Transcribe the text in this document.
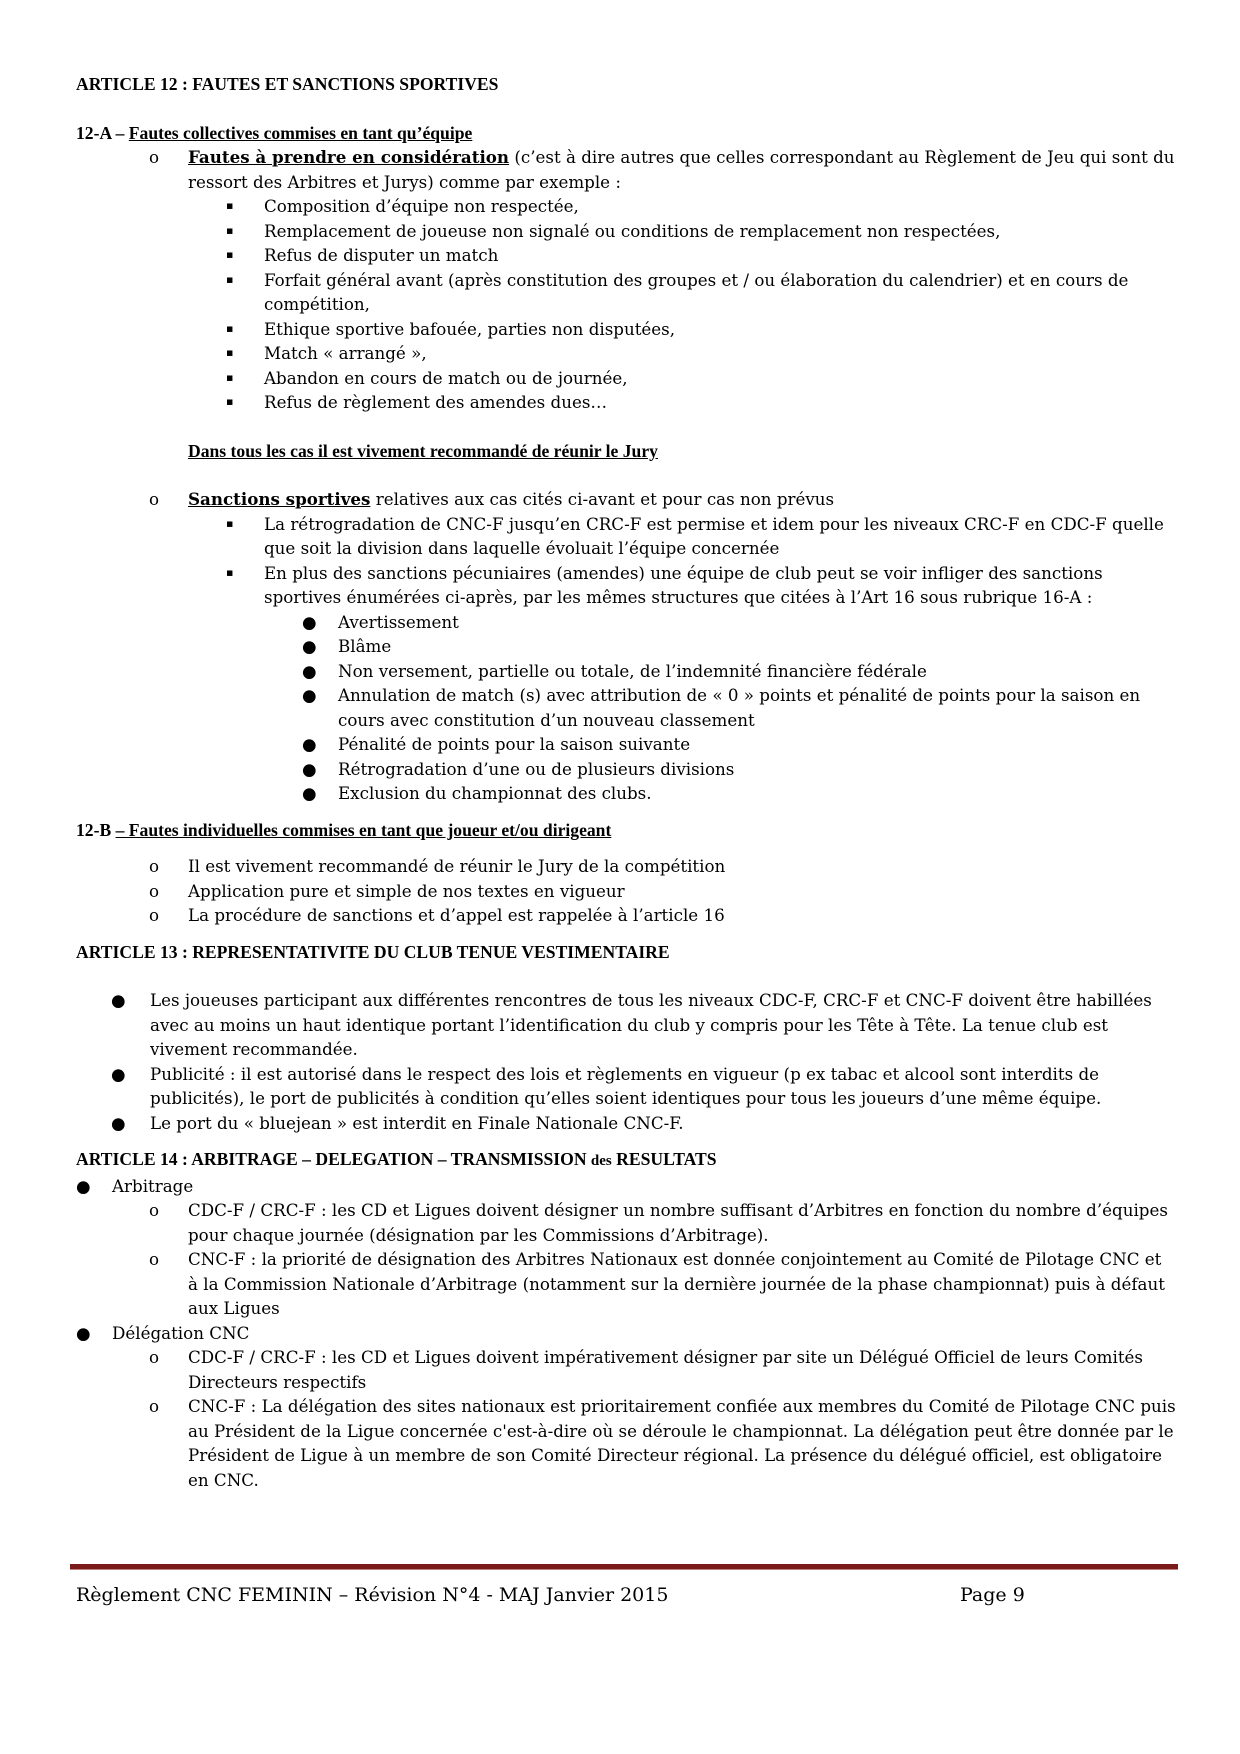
ARTICLE 12 : FAUTES ET SANCTIONS SPORTIVES

12-A – Fautes collectives commises en tant qu’équipe

o Fautes à prendre en considération (c’est à dire autres que celles correspondant au Règlement de Jeu qui sont du ressort des Arbitres et Jurys) comme par exemple :
▪ Composition d’équipe non respectée,
▪ Remplacement de joueuse non signalé ou conditions de remplacement non respectées,
▪ Refus de disputer un match
▪ Forfait général avant (après constitution des groupes et / ou élaboration du calendrier) et en cours de compétition,
▪ Ethique sportive bafouée, parties non disputées,
▪ Match « arrangé »,
▪ Abandon en cours de match ou de journée,
▪ Refus de règlement des amendes dues…

Dans tous les cas il est vivement recommandé de réunir le Jury

o Sanctions sportives relatives aux cas cités ci-avant et pour cas non prévus
▪ La rétrogradation de CNC-F jusqu’en CRC-F est permise et idem pour les niveaux CRC-F en CDC-F quelle que soit la division dans laquelle évoluait l’équipe concernée
▪ En plus des sanctions pécuniaires (amendes) une équipe de club peut se voir infliger des sanctions sportives énumérées ci-après, par les mêmes structures que citées à l’Art 16 sous rubrique 16-A :
● Avertissement
● Blâme
● Non versement, partielle ou totale, de l’indemnité financière fédérale
● Annulation de match (s) avec attribution de « 0 » points et pénalité de points pour la saison en cours avec constitution d’un nouveau classement
● Pénalité de points pour la saison suivante
● Rétrogradation d’une ou de plusieurs divisions
● Exclusion du championnat des clubs.

12-B – Fautes individuelles commises en tant que joueur et/ou dirigeant

o Il est vivement recommandé de réunir le Jury de la compétition
o Application pure et simple de nos textes en vigueur
o La procédure de sanctions et d’appel est rappelée à l’article 16

ARTICLE 13 : REPRESENTATIVITE DU CLUB TENUE VESTIMENTAIRE

● Les joueuses participant aux différentes rencontres de tous les niveaux CDC-F, CRC-F et CNC-F doivent être habillées avec au moins un haut identique portant l’identification du club y compris pour les Tête à Tête. La tenue club est vivement recommandée.
● Publicité : il est autorisé dans le respect des lois et règlements en vigueur (p ex tabac et alcool sont interdits de publicités), le port de publicités à condition qu’elles soient identiques pour tous les joueurs d’une même équipe.
● Le port du « bluejean » est interdit en Finale Nationale CNC-F.

ARTICLE 14 : ARBITRAGE – DELEGATION – TRANSMISSION des RESULTATS

● Arbitrage
o CDC-F / CRC-F : les CD et Ligues doivent désigner un nombre suffisant d’Arbitres en fonction du nombre d’équipes pour chaque journée (désignation par les Commissions d’Arbitrage).
o CNC-F : la priorité de désignation des Arbitres Nationaux est donnée conjointement au Comité de Pilotage CNC et à la Commission Nationale d’Arbitrage (notamment sur la dernière journée de la phase championnat) puis à défaut aux Ligues
● Délégation CNC
o CDC-F / CRC-F : les CD et Ligues doivent impérativement désigner par site un Délégué Officiel de leurs Comités Directeurs respectifs
o CNC-F : La délégation des sites nationaux est prioritairement confiée aux membres du Comité de Pilotage CNC puis au Président de la Ligue concernée c'est-à-dire où se déroule le championnat. La délégation peut être donnée par le Président de Ligue à un membre de son Comité Directeur régional. La présence du délégué officiel, est obligatoire en CNC.
Règlement CNC FEMININ – Révision N°4 - MAJ Janvier 2015	Page 9
